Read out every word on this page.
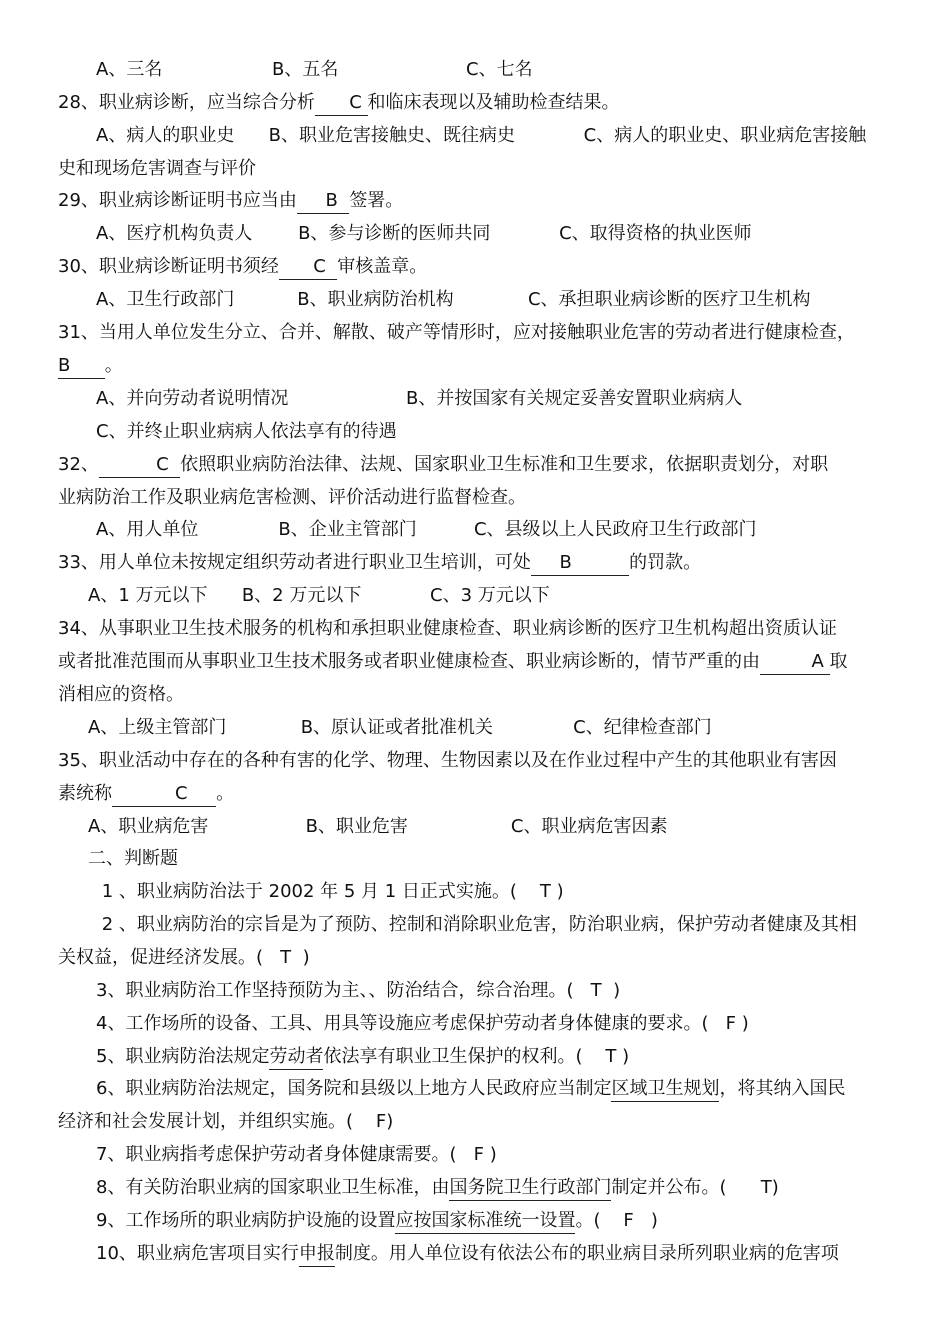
A、三名	B、五名	C、七名
28、职业病诊断，应当综合分析      C
和临床表现以及辅助检查结果。
A、病人的职业史      B、职业危害接触史、既往病史            C、病人的职业史、职业病危害接触
史和现场危害调查与评价
29、职业病诊断证明书应当由     B
签署。
A、医疗机构负责人        B、参与诊断的医师共同            C、取得资格的执业医师
30、职业病诊断证明书须经      C
审核盖章。
A、卫生行政部门           B、职业病防治机构             C、承担职业病诊断的医疗卫生机构
31、当用人单位发生分立、合并、解散、破产等情形时，应对接触职业危害的劳动者进行健康检查，
B
。
A、并向劳动者说明情况	B、并按国家有关规定妥善安置职业病病人
C、并终止职业病病人依法享有的待遇
32、          C
依照职业病防治法律、法规、国家职业卫生标准和卫生要求，依据职责划分，对职
业病防治工作及职业病危害检测、评价活动进行监督检查。
A、用人单位              B、企业主管部门          C、县级以上人民政府卫生行政部门
33、用人单位未按规定组织劳动者进行职业卫生培训，可处     B
的罚款。
A、1 万元以下      B、2 万元以下            C、3 万元以下
34、从事职业卫生技术服务的机构和承担职业健康检查、职业病诊断的医疗卫生机构超出资质认证
或者批准范围而从事职业卫生技术服务或者职业健康检查、职业病诊断的，情节严重的由         A
取
消相应的资格。
A、上级主管部门             B、原认证或者批准机关              C、纪律检查部门
35、职业活动中存在的各种有害的化学、物理、生物因素以及在作业过程中产生的其他职业有害因
素统称           C
。
A、职业病危害                 B、职业危害                  C、职业病危害因素
二、判断题
1 、职业病防治法于 2002 年 5 月 1 日正式实施。(    T )
2 、职业病防治的宗旨是为了预防、控制和消除职业危害，防治职业病，保护劳动者健康及其相
关权益，促进经济发展。(   T  )
3、职业病防治工作坚持预防为主、、防治结合，综合治理。(   T  )
4、工作场所的设备、工具、用具等设施应考虑保护劳动者身体健康的要求。(   F )
5、职业病防治法规定劳动者
依法享有职业卫生保护的权利。(    T )
6、职业病防治法规定，国务院和县级以上地方人民政府应当制定区域卫生规划
，将其纳入国民
经济和社会发展计划，并组织实施。(    F)
7、职业病指考虑保护劳动者身体健康需要。(   F )
8、有关防治职业病的国家职业卫生标准，由国务院卫生行政部门
制定并公布。(      T)
9、工作场所的职业病防护设施的设置应按国家标准统一设置
。(    F   )
10、职业病危害项目实行申报
制度。用人单位设有依法公布的职业病目录所列职业病的危害项
